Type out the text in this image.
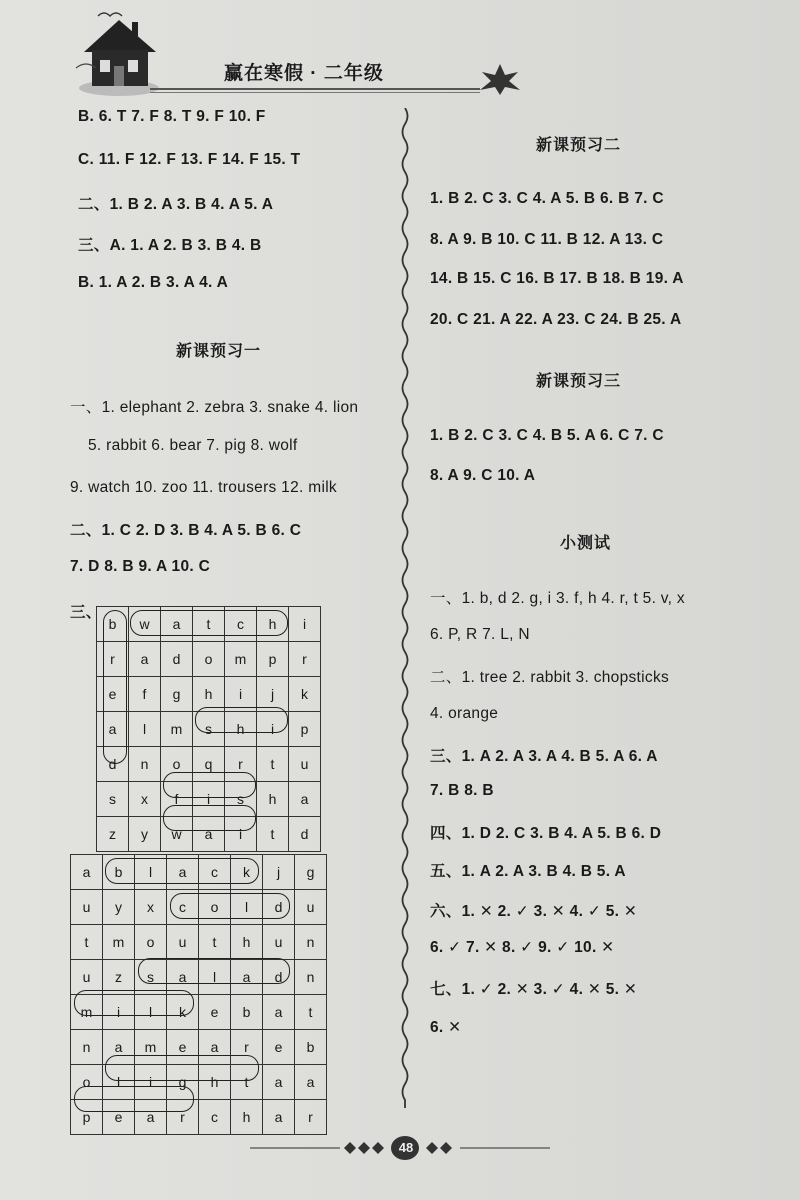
赢在寒假 · 二年级
B. 6. T 7. F 8. T 9. F 10. F
C. 11. F 12. F 13. F 14. F 15. T
二、1. B 2. A 3. B 4. A 5. A
三、A. 1. A 2. B 3. B 4. B
B. 1. A 2. B 3. A 4. A
新课预习一
一、1. elephant 2. zebra 3. snake 4. lion
5. rabbit 6. bear 7. pig 8. wolf
9. watch 10. zoo 11. trousers 12. milk
二、1. C 2. D 3. B 4. A 5. B 6. C
7. D 8. B 9. A 10. C
三、
b	w	a	t	c	h	i
r	a	d	o	m	p	r
e	f	g	h	i	j	k
a	l	m	s	h	i	p
d	n	o	q	r	t	u
s	x	f	i	s	h	a
z	y	w	a	i	t	d
a	b	l	a	c	k	j	g
u	y	x	c	o	l	d	u
t	m	o	u	t	h	u	n
u	z	s	a	l	a	d	n
m	i	l	k	e	b	a	t
n	a	m	e	a	r	e	b
o	l	i	g	h	t	a	a
p	e	a	r	c	h	a	r
新课预习二
1. B 2. C 3. C 4. A 5. B 6. B 7. C
8. A 9. B 10. C 11. B 12. A 13. C
14. B 15. C 16. B 17. B 18. B 19. A
20. C 21. A 22. A 23. C 24. B 25. A
新课预习三
1. B 2. C 3. C 4. B 5. A 6. C 7. C
8. A 9. C 10. A
小测试
一、1. b, d 2. g, i 3. f, h 4. r, t 5. v, x
6. P, R 7. L, N
二、1. tree 2. rabbit 3. chopsticks
4. orange
三、1. A 2. A 3. A 4. B 5. A 6. A
7. B 8. B
四、1. D 2. C 3. B 4. A 5. B 6. D
五、1. A 2. A 3. B 4. B 5. A
六、1. ✕ 2. ✓ 3. ✕ 4. ✓ 5. ✕
6. ✓ 7. ✕ 8. ✓ 9. ✓ 10. ✕
七、1. ✓ 2. ✕ 3. ✓ 4. ✕ 5. ✕
6. ✕
48
